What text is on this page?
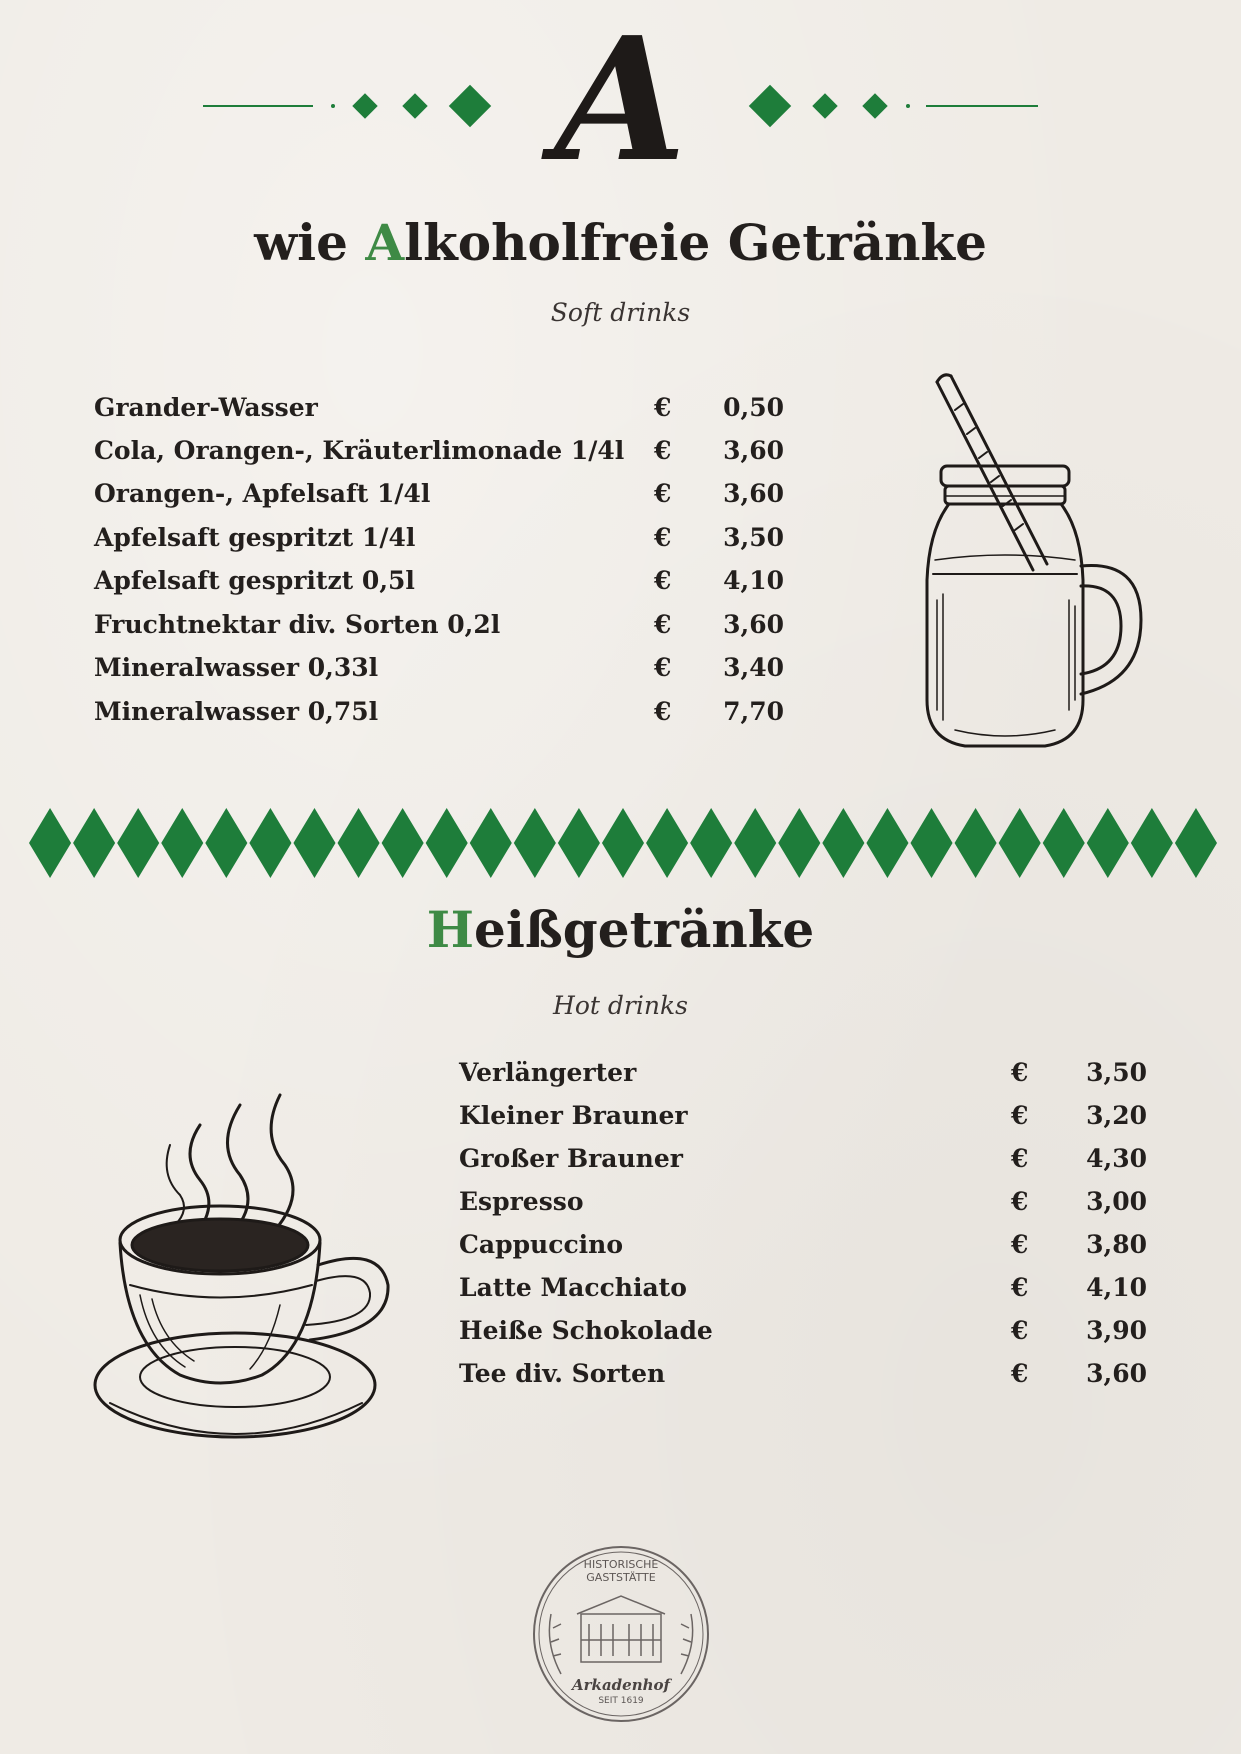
A
wie Alkoholfreie Getränke
Soft drinks
Grander-Wasser	€	0,50
Cola, Orangen-, Kräuterlimonade 1/4l €	3,60
Orangen-, Apfelsaft 1/4l	€	3,60
Apfelsaft gespritzt 1/4l	€	3,50
Apfelsaft gespritzt 0,5l	€	4,10
Fruchtnektar div. Sorten 0,2l	€	3,60
Mineralwasser 0,33l	€	3,40
Mineralwasser 0,75l	€	7,70
Heißgetränke
Hot drinks
Verlängerter	€	3,50
Kleiner Brauner	€	3,20
Großer Brauner	€	4,30
Espresso	€	3,00
Cappuccino	€	3,80
Latte Macchiato	€	4,10
Heiße Schokolade	€	3,90
Tee div. Sorten	€	3,60
HISTORISCHE GASTSTÄTTE
Arkadenhof
SEIT 1619
